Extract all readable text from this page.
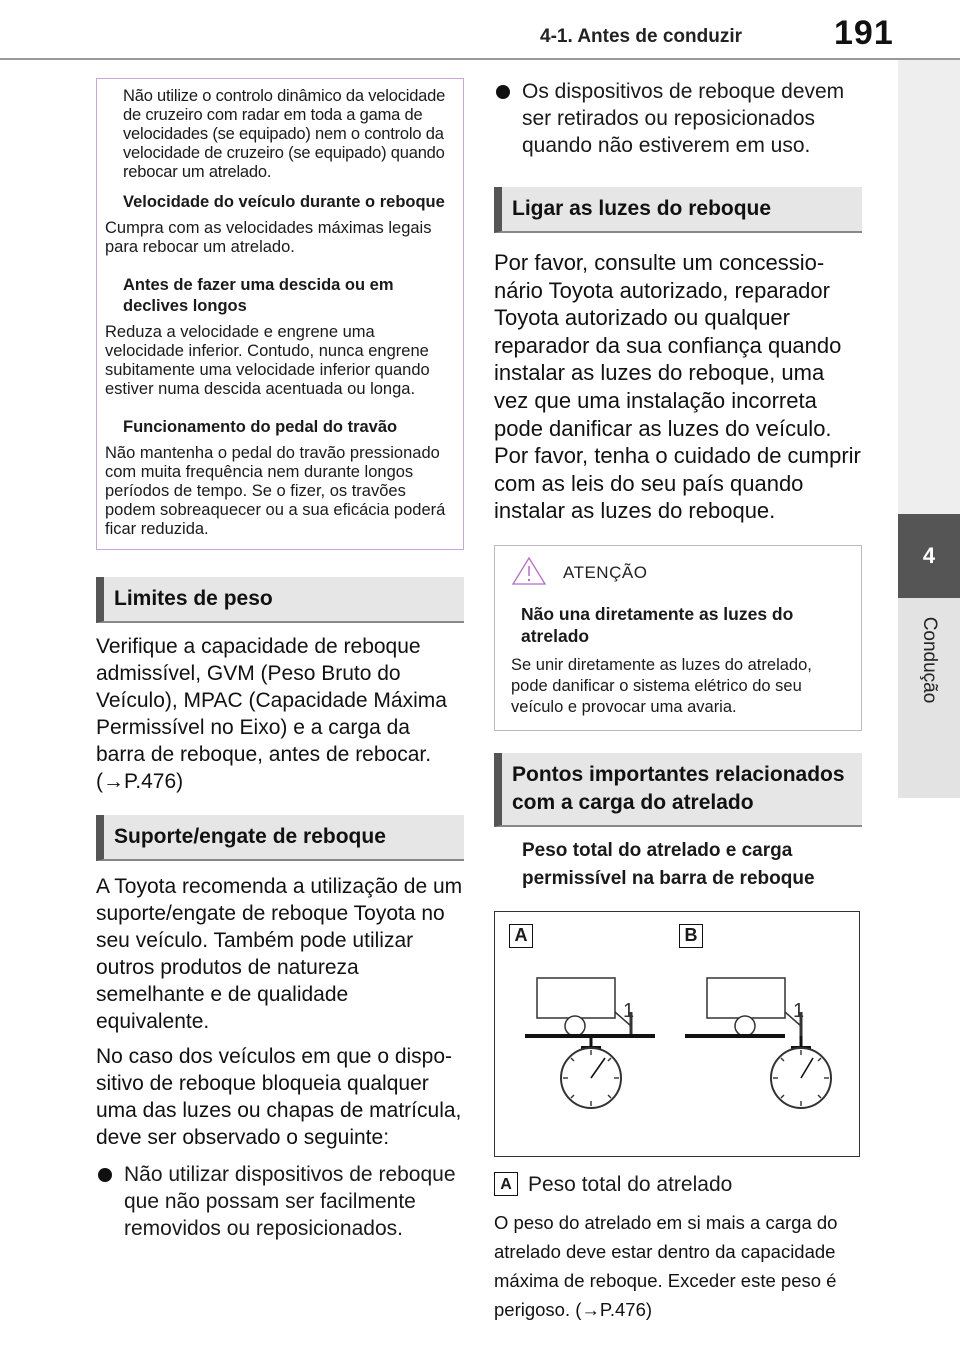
4-1. Antes de conduzir	191
4
Condução

Não utilize o controlo dinâmico da velocidade de cruzeiro com radar em toda a gama de velocidades (se equipado) nem o controlo da velocidade de cruzeiro (se equipado) quando rebocar um atrelado.

Velocidade do veículo durante o reboque
Cumpra com as velocidades máximas legais para rebocar um atrelado.
Antes de fazer uma descida ou em declives longos
Reduza a velocidade e engrene uma velocidade inferior. Contudo, nunca engrene subitamente uma velocidade inferior quando estiver numa descida acentuada ou longa.
Funcionamento do pedal do travão
Não mantenha o pedal do travão pressionado com muita frequência nem durante longos períodos de tempo. Se o fizer, os travões podem sobreaquecer ou a sua eficácia poderá ficar reduzida.
Limites de peso

Verifique a capacidade de reboque admissível, GVM (Peso Bruto do Veículo), MPAC (Capacidade Máxima Permissível no Eixo) e a carga da barra de reboque, antes de rebocar. (→P.476)

Suporte/engate de reboque

A Toyota recomenda a utilização de um suporte/engate de reboque Toyota no seu veículo. Também pode utilizar outros produtos de natureza semelhante e de qualidade equivalente.

No caso dos veículos em que o dispositivo de reboque bloqueia qualquer uma das luzes ou chapas de matrícula, deve ser observado o seguinte:

Não utilizar dispositivos de reboque que não possam ser facilmente removidos ou reposicionados.
Os dispositivos de reboque devem ser retirados ou reposicionados quando não estiverem em uso.
Ligar as luzes do reboque

Por favor, consulte um concessionário Toyota autorizado, reparador Toyota autorizado ou qualquer reparador da sua confiança quando instalar as luzes do reboque, uma vez que uma instalação incorreta pode danificar as luzes do veículo. Por favor, tenha o cuidado de cumprir com as leis do seu país quando instalar as luzes do reboque.

ATENÇÃO
Não una diretamente as luzes do atrelado
Se unir diretamente as luzes do atrelado, pode danificar o sistema elétrico do seu veículo e provocar uma avaria.
Pontos importantes relacionados com a carga do atrelado
Peso total do atrelado e carga permissível na barra de reboque
A	B
1	1
A Peso total do atrelado

O peso do atrelado em si mais a carga do atrelado deve estar dentro da capacidade máxima de reboque. Exceder este peso é perigoso. (→P.476)
